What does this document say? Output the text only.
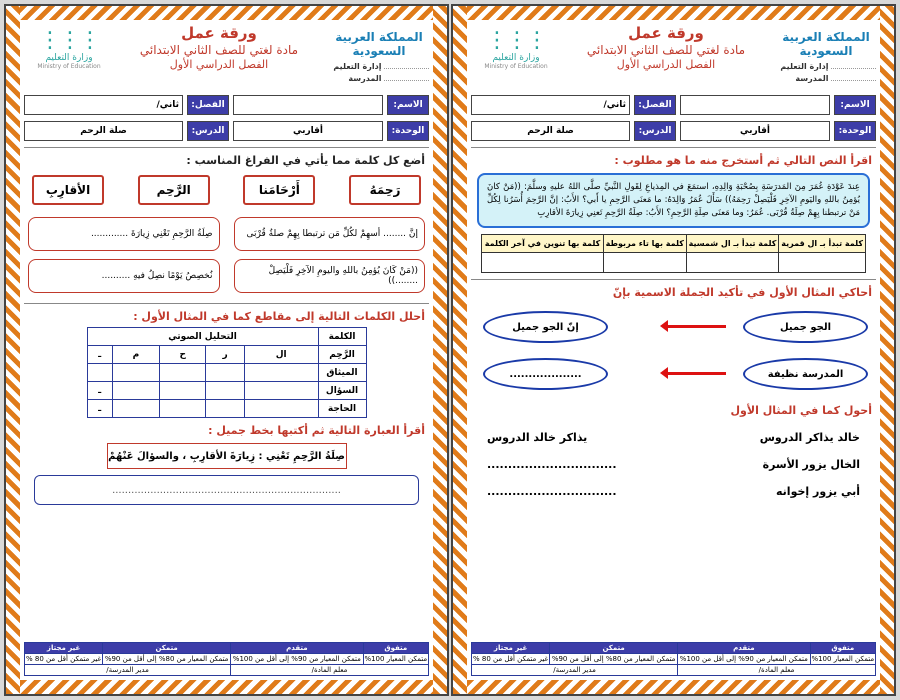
المملكة العربية السعودية
إدارة التعليم
المدرسة
ورقة عمل
مادة لغتي للصف الثاني الابتدائي
الفصل الدراسي الأول
⋮⋮⋮
وزارة التعليم
Ministry of Education
الاسم:
الفصل:
ثاني/
الوحدة:
أقاربي
الدرس:
صلة الرحم
أضع كل كلمة مما يأتي في الفراغ المناسب :
رَحِمَهُ
أَرْحَامَنا
الرَّحِم
الأقارِبِ
إنَّ ........ أسهِمْ لكُلِّ مَن ترتبطا بِهِمْ صلةُ قُرْبَى
صِلَةُ الرَّحِمِ تَعْنِي زِيارَةَ .............
((مَنْ كَانَ يُؤمِنُ باللهِ واليومِ الآخِرِ فَلْيَصِلْ ........))
نُخصِصُ يَوْمًا نصِلُ فيهِ ..........
أحلل الكلمات التالية إلى مقاطع كما في المثال الأول :
الكلمة	التحليل الصوتي				
الرَّحِم	ال	ر	ح	م	ـ
الميثاق					
السؤال					ـ
الحاجة					ـ
أقرأ العبارة التالية ثم أكتبها بخط جميل :
صِلَةُ الرَّحِمِ تَعْنِي : زِيارَةَ الأقارِبِ ، والسؤالَ عَنْهُمْ
........................................................................
متفوق	متقدم	متمكن	غير مجتاز
متمكن المعيار 100%	متمكن المعيار من 90% إلى أقل من 100%	متمكن المعيار من 80% إلى أقل من 90%	غير متمكن أقل من 80 %
معلم المادة/		مدير المدرسة/	
المملكة العربية السعودية
إدارة التعليم
المدرسة
ورقة عمل
مادة لغتي للصف الثاني الابتدائي
الفصل الدراسي الأول
⋮⋮⋮
وزارة التعليم
Ministry of Education
الاسم:
الفصل:
ثاني/
الوحدة:
أقاربي
الدرس:
صلة الرحم
اقرأ النص التالي ثم أستخرج منه ما هو مطلوب :
عِندَ عَوْدَةِ عُمَرَ مِنَ المَدرَسَةِ بِصُحْبَةِ وَالِدِهِ، استمَعَ في المِذياعِ لِقَولِ النَّبيِّ صلَّى اللهُ عليهِ وسلَّمَ: ((مَنْ كانَ يُؤمِنُ باللهِ واليَومِ الآخِرِ فَلْيَصِلْ رَحِمَهُ)) سَأَلَ عُمَرُ وَالِدَهُ: ما مَعنَى الرَّحِمِ يا أَبي؟ الأَبُ: إنَّ الرَّحِمَ أُسَرُنا لِكُلِّ مَنْ ترتبطنا بِهِمْ صِلَةُ قُرْبَى. عُمَرُ: وما مَعنَى صِلَةِ الرَّحِمِ؟ الأَبُ: صِلَةُ الرَّحِمِ تَعنِي زِيارَةَ الأقارِبِ
كلمة تبدأ بـ ال قمرية	كلمة تبدأ بـ ال شمسية	كلمة بها تاء مربوطة	كلمة بها تنوين في آخر الكلمة

أحاكي المثال الأول في تأكيد الجملة الاسمية بإنّ
الجو جميل
إنّ الجو جميل
المدرسة نظيفة
...................
أحول كما في المثال الأول
خالد يذاكر الدروس
يذاكر خالد الدروس
الخال يزور الأسرة
...............................
أبي يزور إخوانه
...............................
متفوق	متقدم	متمكن	غير مجتاز
متمكن المعيار 100%	متمكن المعيار من 90% إلى أقل من 100%	متمكن المعيار من 80% إلى أقل من 90%	غير متمكن أقل من 80 %
معلم المادة/		مدير المدرسة/	
